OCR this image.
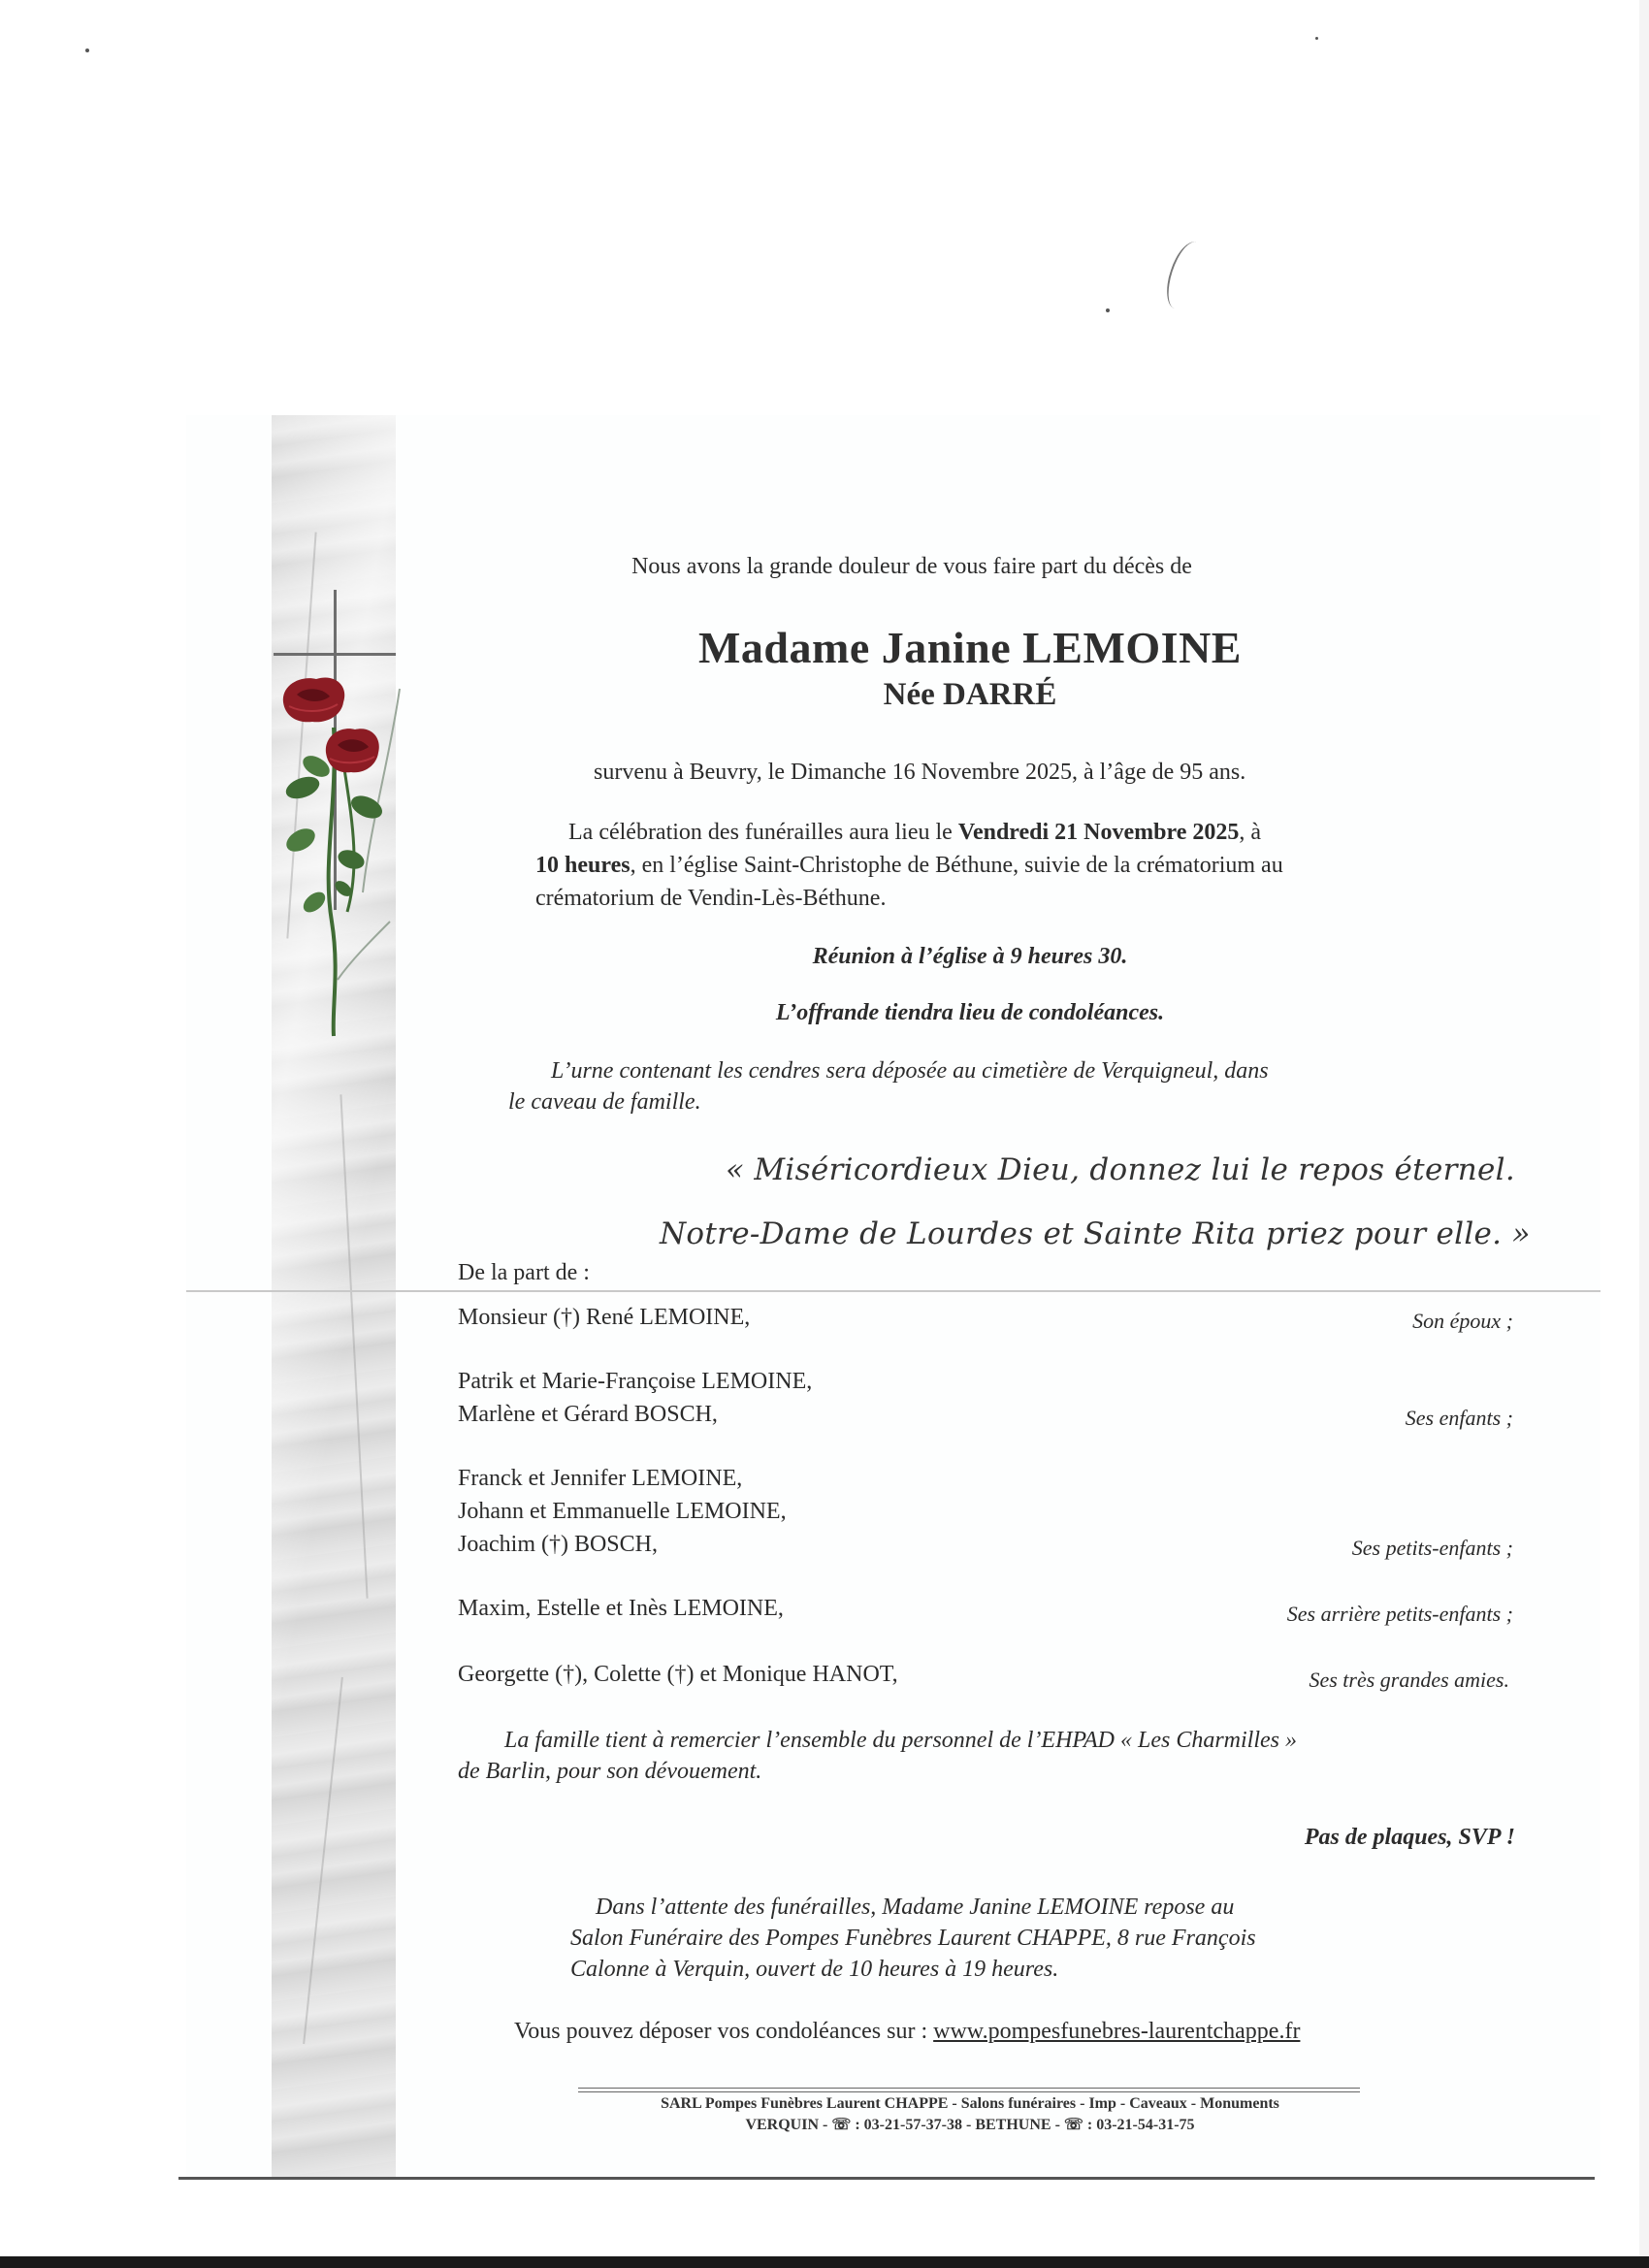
Nous avons la grande douleur de vous faire part du décès de
Madame Janine LEMOINE
Née DARRÉ
survenu à Beuvry, le Dimanche 16 Novembre 2025, à l’âge de 95 ans.
La célébration des funérailles aura lieu le Vendredi 21 Novembre 2025, à
10 heures, en l’église Saint-Christophe de Béthune, suivie de la crématorium au
crématorium de Vendin-Lès-Béthune.
Réunion à l’église à 9 heures 30.
L’offrande tiendra lieu de condoléances.
L’urne contenant les cendres sera déposée au cimetière de Verquigneul, dans
le caveau de famille.
« Miséricordieux Dieu, donnez lui le repos éternel.
Notre-Dame de Lourdes et Sainte Rita priez pour elle. »
De la part de :
Monsieur (†) René LEMOINE,	Son époux ;
Patrik et Marie-Françoise LEMOINE,
Marlène et Gérard BOSCH,	Ses enfants ;
Franck et Jennifer LEMOINE,
Johann et Emmanuelle LEMOINE,
Joachim (†) BOSCH,	Ses petits-enfants ;
Maxim, Estelle et Inès LEMOINE,	Ses arrière petits-enfants ;
Georgette (†), Colette (†) et Monique HANOT,	Ses très grandes amies.
La famille tient à remercier l’ensemble du personnel de l’EHPAD « Les Charmilles »
de Barlin, pour son dévouement.
Pas de plaques, SVP !
Dans l’attente des funérailles, Madame Janine LEMOINE repose au
Salon Funéraire des Pompes Funèbres Laurent CHAPPE, 8 rue François
Calonne à Verquin, ouvert de 10 heures à 19 heures.
Vous pouvez déposer vos condoléances sur : www.pompesfunebres-laurentchappe.fr
SARL Pompes Funèbres Laurent CHAPPE - Salons funéraires - Imp - Caveaux - Monuments
VERQUIN - ☏ : 03-21-57-37-38 - BETHUNE - ☏ : 03-21-54-31-75
